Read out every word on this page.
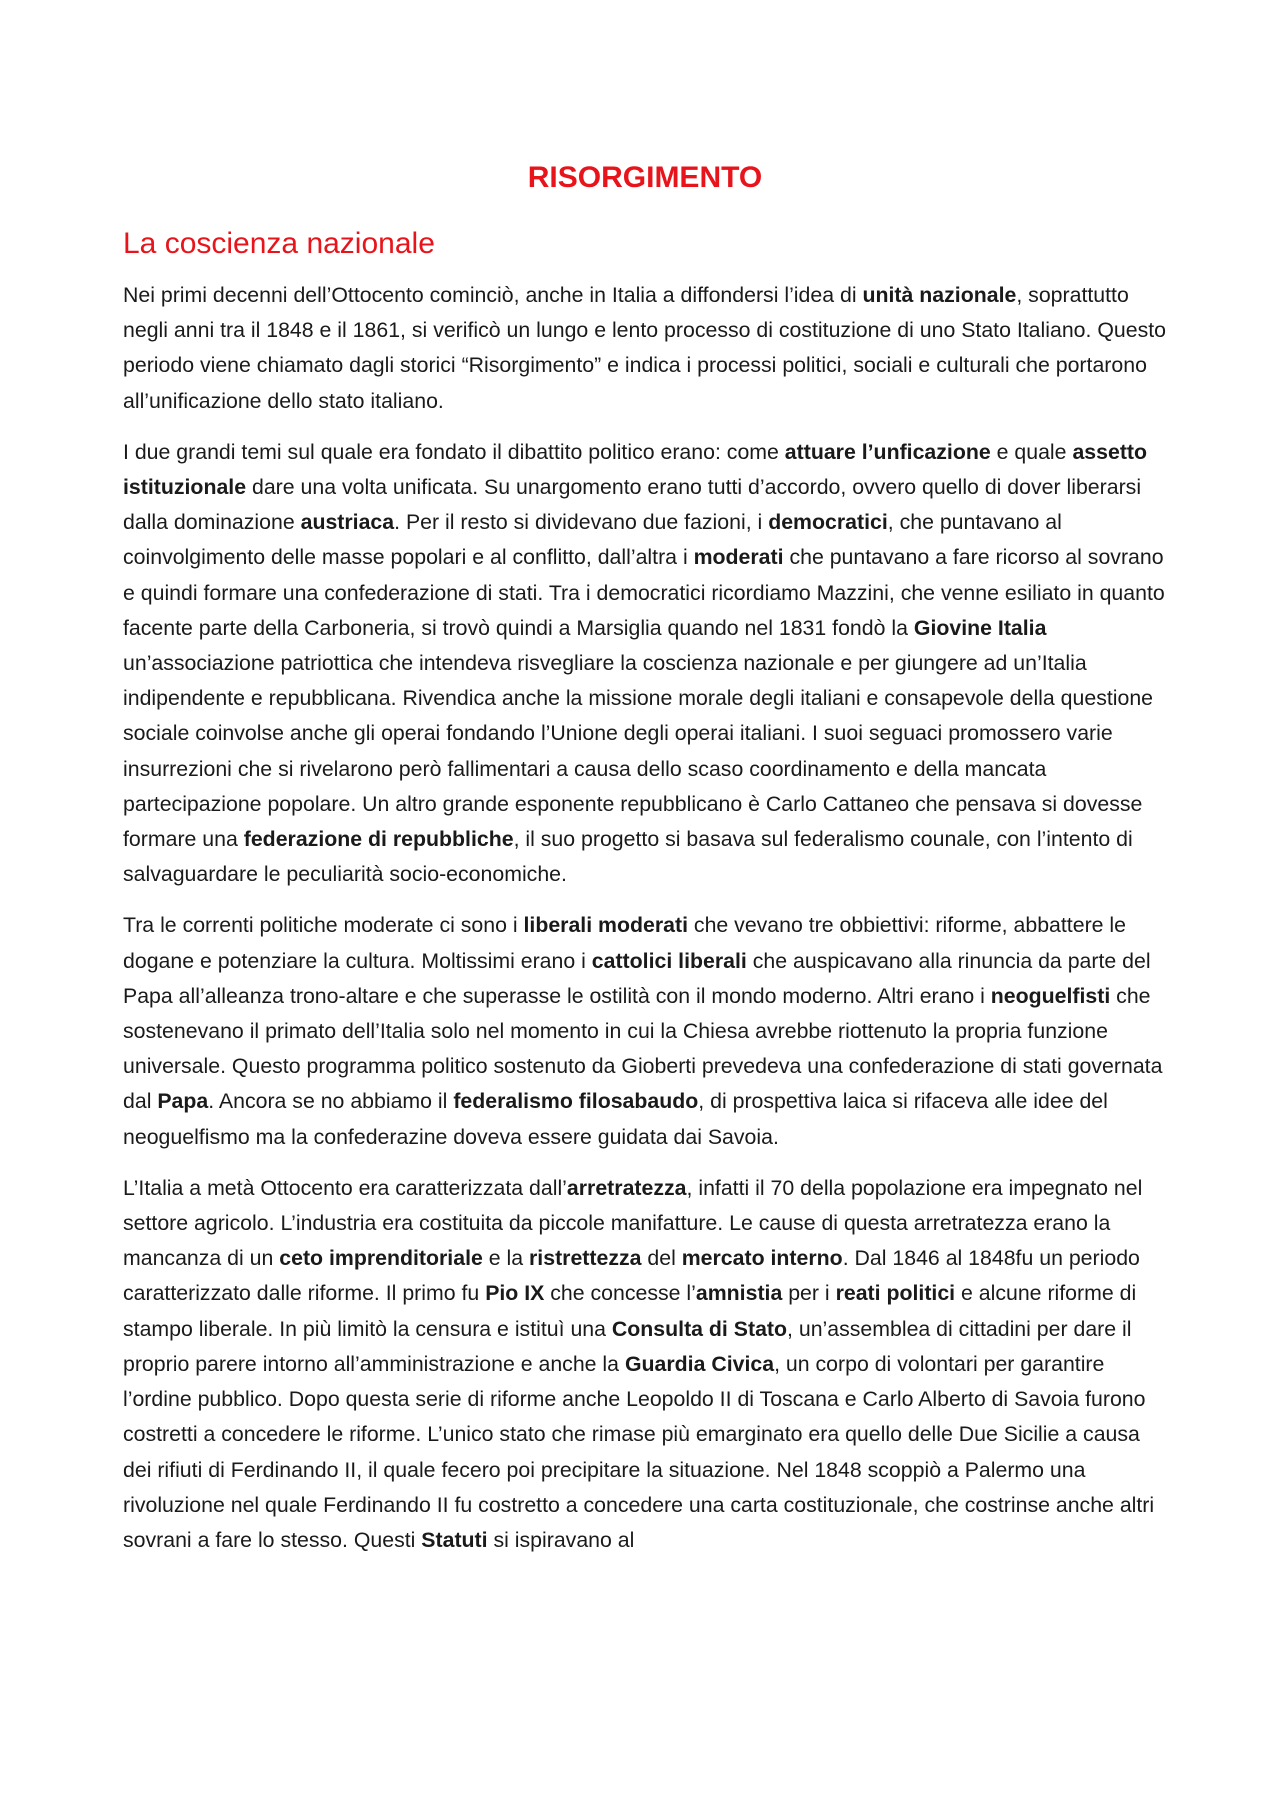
RISORGIMENTO
La coscienza nazionale

Nei primi decenni dell’Ottocento cominciò, anche in Italia a diffondersi l’idea di unità nazionale, soprattutto negli anni tra il 1848 e il 1861, si verificò un lungo e lento processo di costituzione di uno Stato Italiano. Questo periodo viene chiamato dagli storici “Risorgimento” e indica i processi politici, sociali e culturali che portarono all’unificazione dello stato italiano.

I due grandi temi sul quale era fondato il dibattito politico erano: come attuare l’unficazione e quale assetto istituzionale dare una volta unificata. Su unargomento erano tutti d’accordo, ovvero quello di dover liberarsi dalla dominazione austriaca. Per il resto si dividevano due fazioni, i democratici, che puntavano al coinvolgimento delle masse popolari e al conflitto, dall’altra i moderati che puntavano a fare ricorso al sovrano e quindi formare una confederazione di stati. Tra i democratici ricordiamo Mazzini, che venne esiliato in quanto facente parte della Carboneria, si trovò quindi a Marsiglia quando nel 1831 fondò la Giovine Italia un’associazione patriottica che intendeva risvegliare la coscienza nazionale e per giungere ad un’Italia indipendente e repubblicana. Rivendica anche la missione morale degli italiani e consapevole della questione sociale coinvolse anche gli operai fondando l’Unione degli operai italiani. I suoi seguaci promossero varie insurrezioni che si rivelarono però fallimentari a causa dello scaso coordinamento e della mancata partecipazione popolare. Un altro grande esponente repubblicano è Carlo Cattaneo che pensava si dovesse formare una federazione di repubbliche, il suo progetto si basava sul federalismo counale, con l’intento di salvaguardare le peculiarità socio-economiche.

Tra le correnti politiche moderate ci sono i liberali moderati che vevano tre obbiettivi: riforme, abbattere le dogane e potenziare la cultura. Moltissimi erano i cattolici liberali che auspicavano alla rinuncia da parte del Papa all’alleanza trono-altare e che superasse le ostilità con il mondo moderno. Altri erano i neoguelfisti che sostenevano il primato dell’Italia solo nel momento in cui la Chiesa avrebbe riottenuto la propria funzione universale. Questo programma politico sostenuto da Gioberti prevedeva una confederazione di stati governata dal Papa. Ancora se no abbiamo il federalismo filosabaudo, di prospettiva laica si rifaceva alle idee del neoguelfismo ma la confederazine doveva essere guidata dai Savoia.

L’Italia a metà Ottocento era caratterizzata dall’arretratezza, infatti il 70 della popolazione era impegnato nel settore agricolo. L’industria era costituita da piccole manifatture. Le cause di questa arretratezza erano la mancanza di un ceto imprenditoriale e la ristrettezza del mercato interno. Dal 1846 al 1848fu un periodo caratterizzato dalle riforme. Il primo fu Pio IX che concesse l’amnistia per i reati politici e alcune riforme di stampo liberale. In più limitò la censura e istituì una Consulta di Stato, un’assemblea di cittadini per dare il proprio parere intorno all’amministrazione e anche la Guardia Civica, un corpo di volontari per garantire l’ordine pubblico. Dopo questa serie di riforme anche Leopoldo II di Toscana e Carlo Alberto di Savoia furono costretti a concedere le riforme. L’unico stato che rimase più emarginato era quello delle Due Sicilie a causa dei rifiuti di Ferdinando II, il quale fecero poi precipitare la situazione. Nel 1848 scoppiò a Palermo una rivoluzione nel quale Ferdinando II fu costretto a concedere una carta costituzionale, che costrinse anche altri sovrani a fare lo stesso. Questi Statuti si ispiravano al
